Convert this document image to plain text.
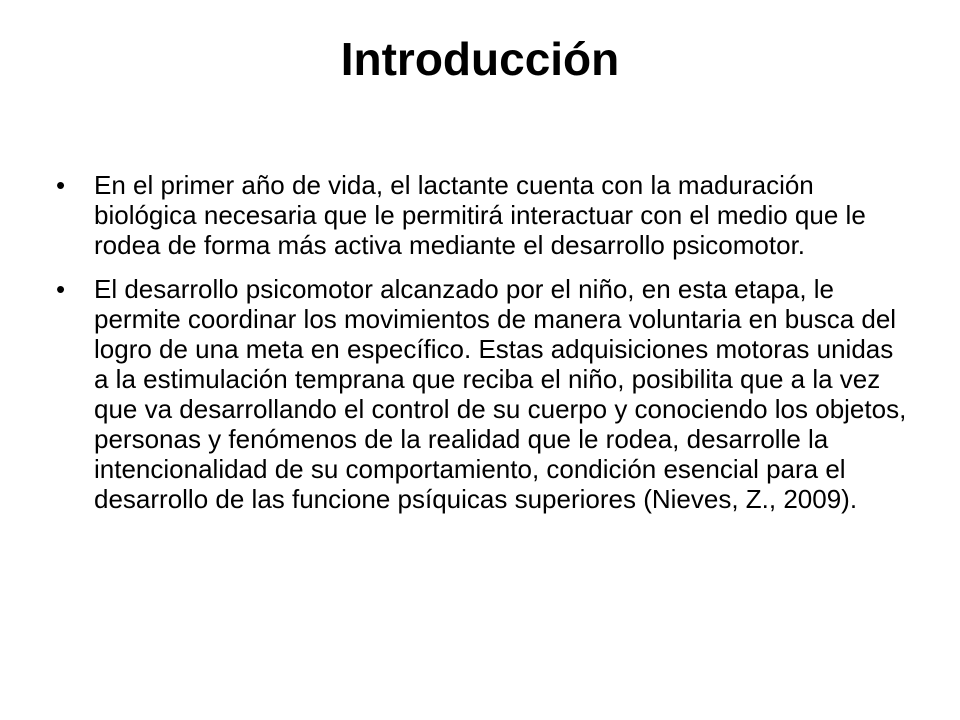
Introducción
•	En el primer año de vida, el lactante cuenta con la maduración biológica necesaria que le permitirá interactuar con el medio que le rodea de forma más activa mediante el desarrollo psicomotor.
•	El desarrollo psicomotor alcanzado por el niño, en esta etapa, le permite coordinar los movimientos de manera voluntaria en busca del logro de una meta en específico. Estas adquisiciones motoras unidas a la estimulación temprana que reciba el niño, posibilita que a la vez que va desarrollando el control de su cuerpo y conociendo los objetos, personas y fenómenos de la realidad que le rodea, desarrolle la intencionalidad de su comportamiento, condición esencial para el desarrollo de las funcione psíquicas superiores (Nieves, Z., 2009).
